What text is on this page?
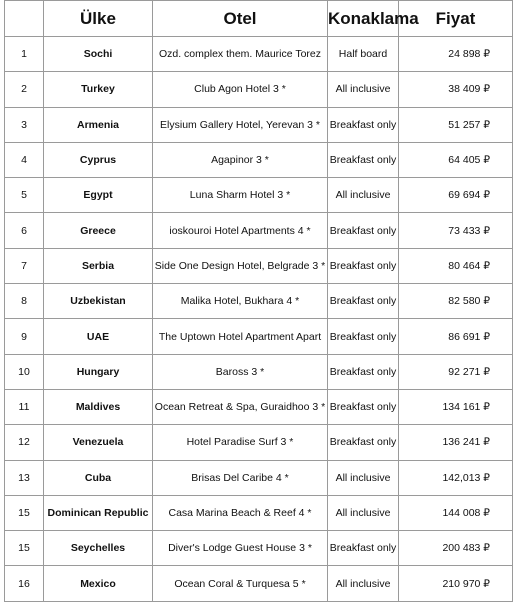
	Ülke	Otel	Konaklama	Fiyat
1	Sochi	Ozd. complex them. Maurice Torez	Half board	24 898 ₽
2	Turkey	Club Agon Hotel 3 *	All inclusive	38 409 ₽
3	Armenia	Elysium Gallery Hotel, Yerevan 3 *	Breakfast only	51 257 ₽
4	Cyprus	Agapinor 3 *	Breakfast only	64 405 ₽
5	Egypt	Luna Sharm Hotel 3 *	All inclusive	69 694 ₽
6	Greece	ioskouroi Hotel Apartments 4 *	Breakfast only	73 433 ₽
7	Serbia	Side One Design Hotel, Belgrade 3 *	Breakfast only	80 464 ₽
8	Uzbekistan	Malika Hotel, Bukhara 4 *	Breakfast only	82 580 ₽
9	UAE	The Uptown Hotel Apartment Apart	Breakfast only	86 691 ₽
10	Hungary	Baross 3 *	Breakfast only	92 271 ₽
11	Maldives	Ocean Retreat & Spa, Guraidhoo 3 *	Breakfast only	134 161 ₽
12	Venezuela	Hotel Paradise Surf 3 *	Breakfast only	136 241 ₽
13	Cuba	Brisas Del Caribe 4 *	All inclusive	142,013 ₽
15	Dominican Republic	Casa Marina Beach & Reef 4 *	All inclusive	144 008 ₽
15	Seychelles	Diver's Lodge Guest House 3 *	Breakfast only	200 483 ₽
16	Mexico	Ocean Coral & Turquesa 5 *	All inclusive	210 970 ₽
